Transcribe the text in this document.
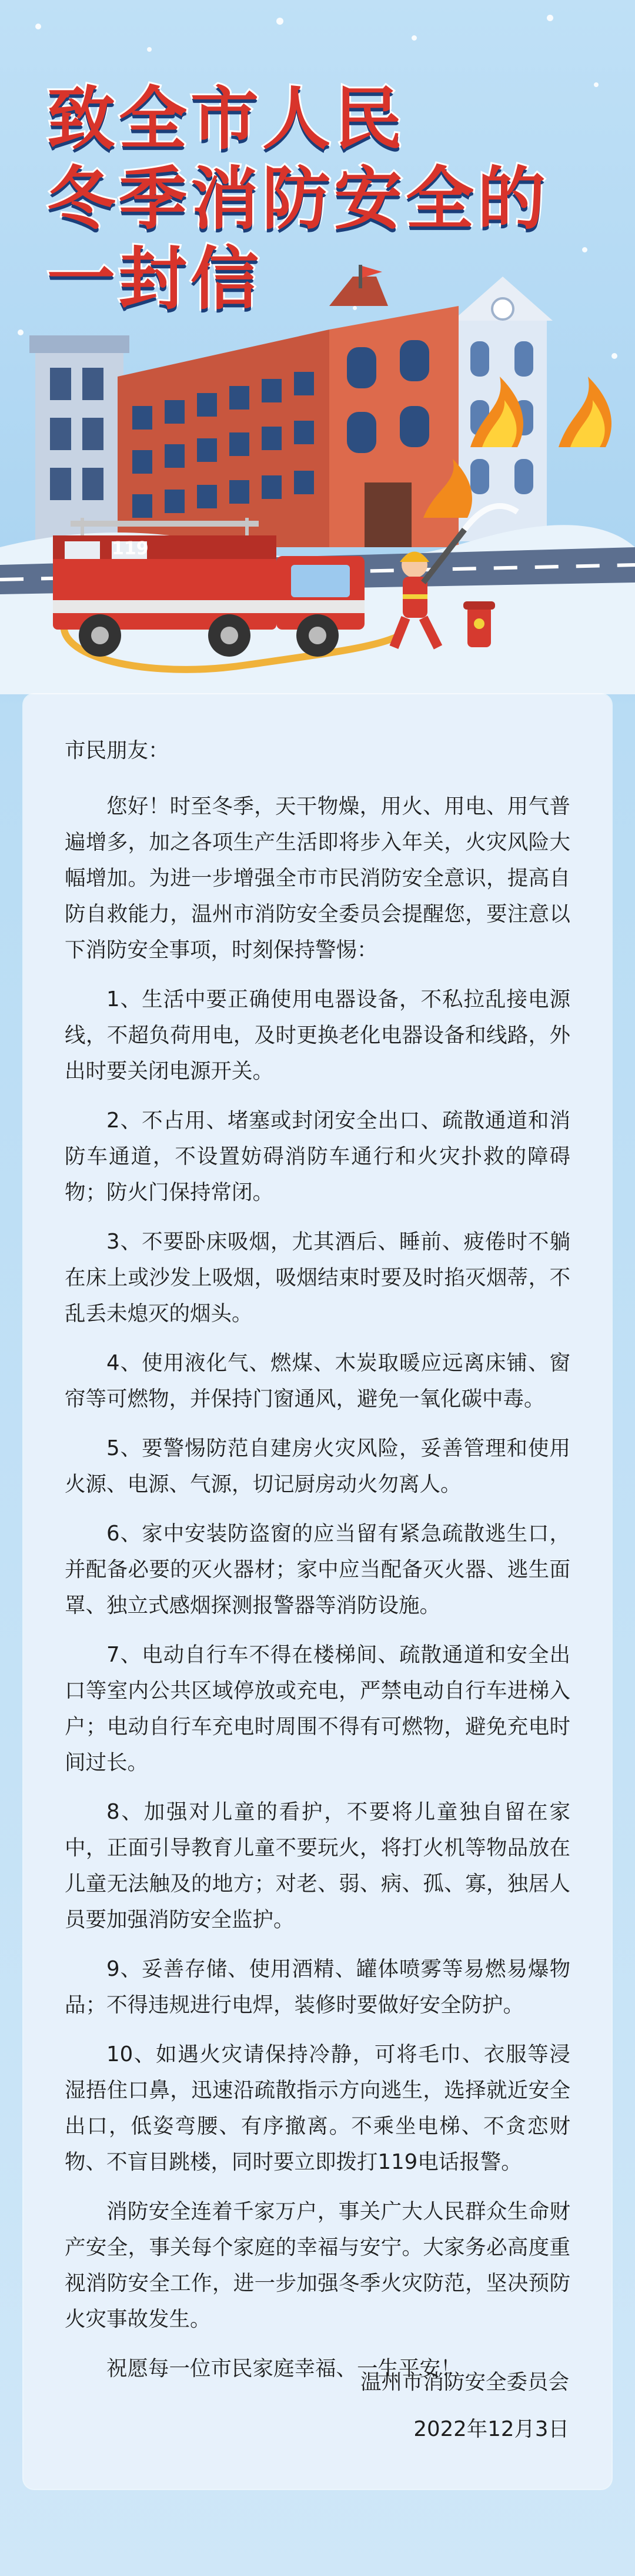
致全市人民
冬季消防安全的
一封信
119

市民朋友：

您好！时至冬季，天干物燥，用火、用电、用气普遍增多，加之各项生产生活即将步入年关，火灾风险大幅增加。为进一步增强全市市民消防安全意识，提高自防自救能力，温州市消防安全委员会提醒您，要注意以下消防安全事项，时刻保持警惕：

1、生活中要正确使用电器设备，不私拉乱接电源线，不超负荷用电，及时更换老化电器设备和线路，外出时要关闭电源开关。

2、不占用、堵塞或封闭安全出口、疏散通道和消防车通道，不设置妨碍消防车通行和火灾扑救的障碍物；防火门保持常闭。

3、不要卧床吸烟，尤其酒后、睡前、疲倦时不躺在床上或沙发上吸烟，吸烟结束时要及时掐灭烟蒂，不乱丢未熄灭的烟头。

4、使用液化气、燃煤、木炭取暖应远离床铺、窗帘等可燃物，并保持门窗通风，避免一氧化碳中毒。

5、要警惕防范自建房火灾风险，妥善管理和使用火源、电源、气源，切记厨房动火勿离人。

6、家中安装防盗窗的应当留有紧急疏散逃生口，并配备必要的灭火器材；家中应当配备灭火器、逃生面罩、独立式感烟探测报警器等消防设施。

7、电动自行车不得在楼梯间、疏散通道和安全出口等室内公共区域停放或充电，严禁电动自行车进梯入户；电动自行车充电时周围不得有可燃物，避免充电时间过长。

8、加强对儿童的看护，不要将儿童独自留在家中，正面引导教育儿童不要玩火，将打火机等物品放在儿童无法触及的地方；对老、弱、病、孤、寡，独居人员要加强消防安全监护。

9、妥善存储、使用酒精、罐体喷雾等易燃易爆物品；不得违规进行电焊，装修时要做好安全防护。

10、如遇火灾请保持冷静，可将毛巾、衣服等浸湿捂住口鼻，迅速沿疏散指示方向逃生，选择就近安全出口，低姿弯腰、有序撤离。不乘坐电梯、不贪恋财物、不盲目跳楼，同时要立即拨打119电话报警。

消防安全连着千家万户，事关广大人民群众生命财产安全，事关每个家庭的幸福与安宁。大家务必高度重视消防安全工作，进一步加强冬季火灾防范，坚决预防火灾事故发生。

祝愿每一位市民家庭幸福、一生平安！

温州市消防安全委员会
2022年12月3日
